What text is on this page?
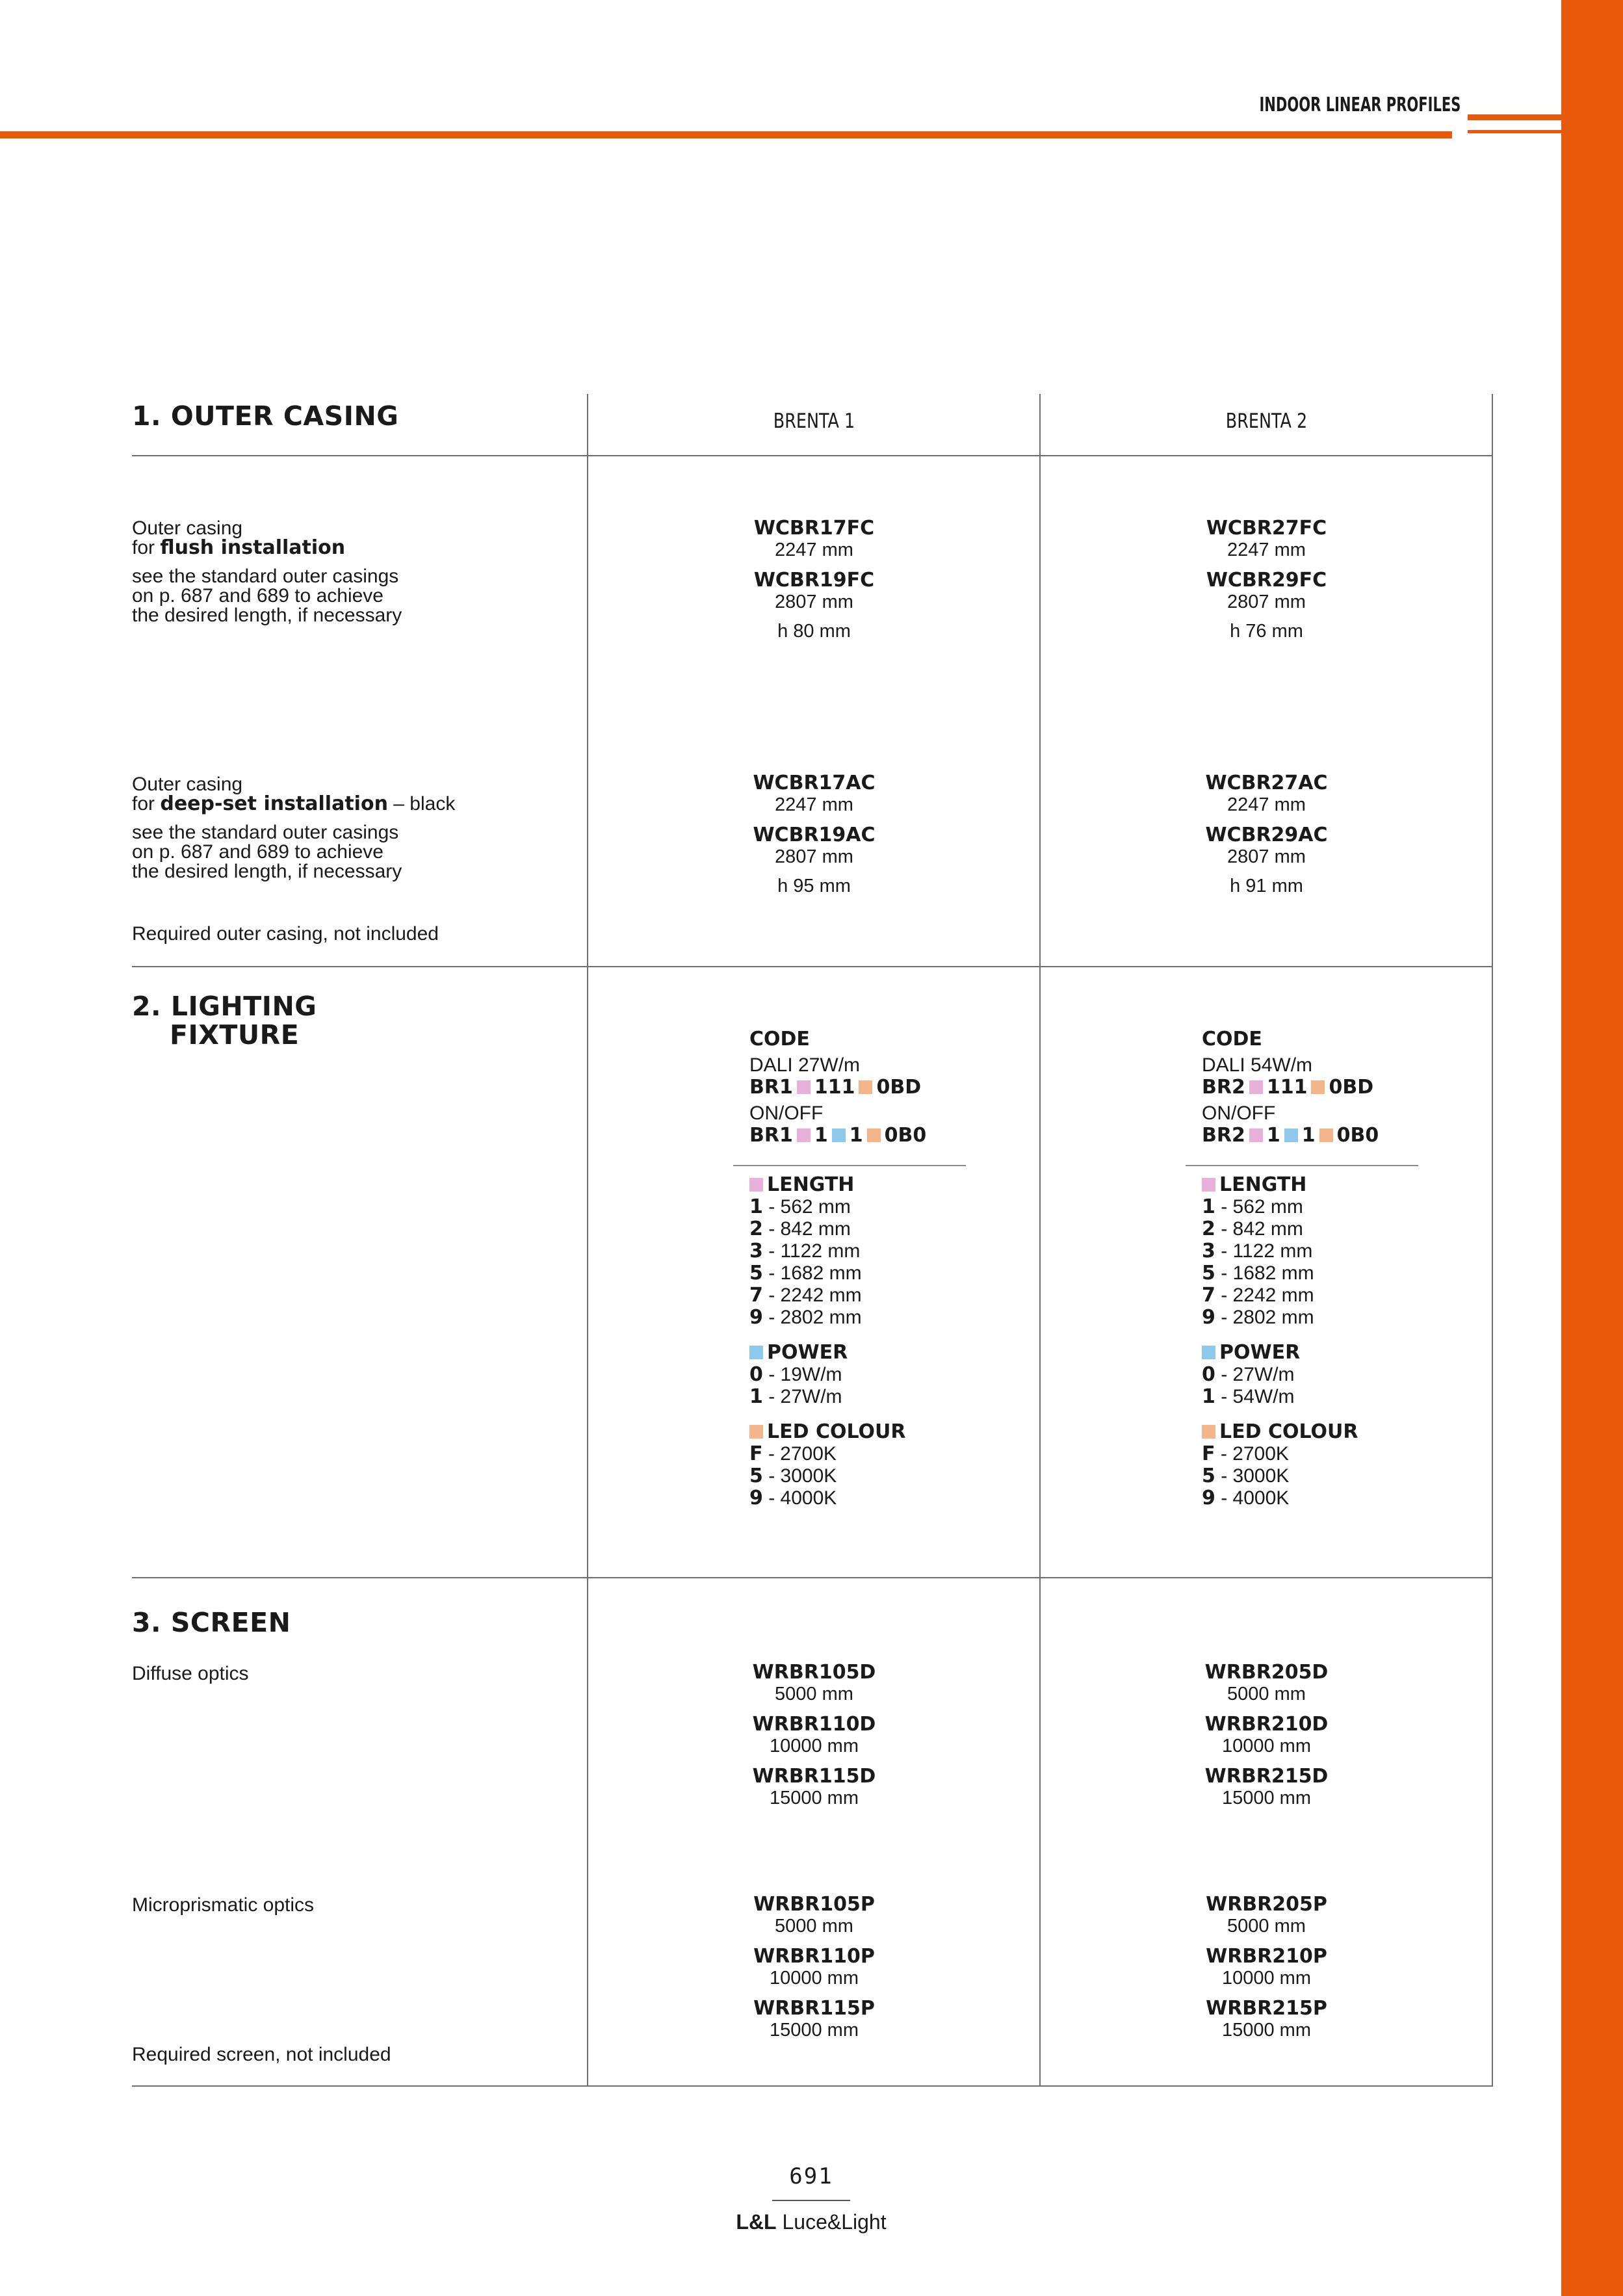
INDOOR LINEAR PROFILES
BRENTA 1	BRENTA 2
1. OUTER CASING
Outer casing
for flush installation
see the standard outer casings
on p. 687 and 689 to achieve
the desired length, if necessary
Outer casing
for deep-set installation – black
see the standard outer casings
on p. 687 and 689 to achieve
the desired length, if necessary
Required outer casing, not included
WCBR17FC
2247 mm
WCBR19FC
2807 mm
h 80 mm
WCBR17AC
2247 mm
WCBR19AC
2807 mm
h 95 mm
WCBR27FC
2247 mm
WCBR29FC
2807 mm
h 76 mm
WCBR27AC
2247 mm
WCBR29AC
2807 mm
h 91 mm
2. LIGHTING
FIXTURE	CODE
DALI 27W/m
BR1 111 0BD
ON/OFF
BR1 1 1 0B0
LENGTH
1 - 562 mm
2 - 842 mm
3 - 1122 mm
5 - 1682 mm
7 - 2242 mm
9 - 2802 mm
POWER
0 - 19W/m
1 - 27W/m
LED COLOUR
F - 2700K
5 - 3000K
9 - 4000K
CODE
DALI 54W/m
BR2 111 0BD
ON/OFF
BR2 1 1 0B0
LENGTH
1 - 562 mm
2 - 842 mm
3 - 1122 mm
5 - 1682 mm
7 - 2242 mm
9 - 2802 mm
POWER
0 - 27W/m
1 - 54W/m
LED COLOUR
F - 2700K
5 - 3000K
9 - 4000K
3. SCREEN
Diffuse optics
Microprismatic optics
Required screen, not included
WRBR105D
5000 mm
WRBR110D
10000 mm
WRBR115D
15000 mm
WRBR105P
5000 mm
WRBR110P
10000 mm
WRBR115P
15000 mm
WRBR205D
5000 mm
WRBR210D
10000 mm
WRBR215D
15000 mm
WRBR205P
5000 mm
WRBR210P
10000 mm
WRBR215P
15000 mm
691
L&L Luce&Light
